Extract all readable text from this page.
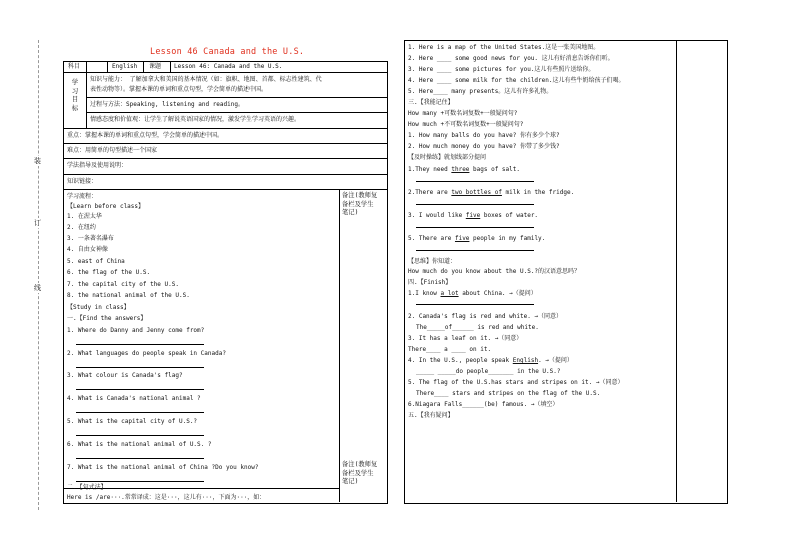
装
订
线
Lesson 46 Canada and the U.S.
科目	English 课题 Lesson 46: Canada and the U.S.
学
习
目
标
知识与能力： 了解加拿大和美国的基本情况（如：旗帜、地图、首都、标志性建筑、代
表性动物等）。掌握本课的单词和重点句型，学会简单的描述中国。
过程与方法：Speaking, listening and reading。
情感态度和价值观：让学生了解说英语国家的情况，激发学生学习英语的兴趣。
重点：掌握本课的单词和重点句型，学会简单的描述中国。
难点：用简单的句型描述一个国家
学法指导及使用说明：
知识链接：
学习流程：
【Learn before class】
1. 在渥太华
2. 在纽约
3. 一条著名瀑布
4. 自由女神像
5. east of China
6. the flag of the U.S.
7. the capital city of the U.S.
8. the national animal of the U.S.
【Study in class】
一.【Find the answers】
1. Where do Danny and Jenny come from?
2. What languages do people speak in Canada?
3. What colour is Canada's flag?
4. What is Canada's national animal ?
5. What is the capital city of U.S.?
6. What is the national animal of U.S. ?
7. What is the national animal of China ?Do you know?
二.【句式法】
Here is /are···.常常译成：这是···，这儿有···，下面为···，如：
备注(教师复
备栏及学生
笔记)
备注(教师复
备栏及学生
笔记)
1. Here is a map of the United States.这是一张美国地图。
2. Here ____ some good news for you. 这儿有好消息告诉你们听。
3. Here ____ some pictures for you.这儿有些照片送给你。
4. Here ____ some milk for the children.这儿有些牛奶给孩子们喝。
5. Here____ many presents。这儿有许多礼物。
三.【我能记住】
How many +可数名词复数+一般疑问句?
How much +不可数名词复数+一般疑问句?
1. How many balls do you have? 你有多少个球?
2. How much money do you have? 你带了多少钱?
【及时操练】就划线部分提问
1.They need three bags of salt.
2.There are two bottles of milk in the fridge.
3. I would like five boxes of water.
5. There are five people in my family.
【思维】你知道：
How much do you know about the U.S.?的汉语意思吗？
四.【Finish】
1.I know a lot about China. →（提问）
2. Canada's flag is red and white. →（同意）
The_____of______ is red and white.
3. It has a leaf on it. →（同意）
There____ a ____ on it.
4. In the U.S., people speak English. →（提问）
_____ _____do people_______ in the U.S.?
5. The flag of the U.S.has stars and stripes on it. →（同意）
There____ stars and stripes on the flag of the U.S.
6.Niagara Falls______(be) famous. →（填空）
五.【我有疑问】
